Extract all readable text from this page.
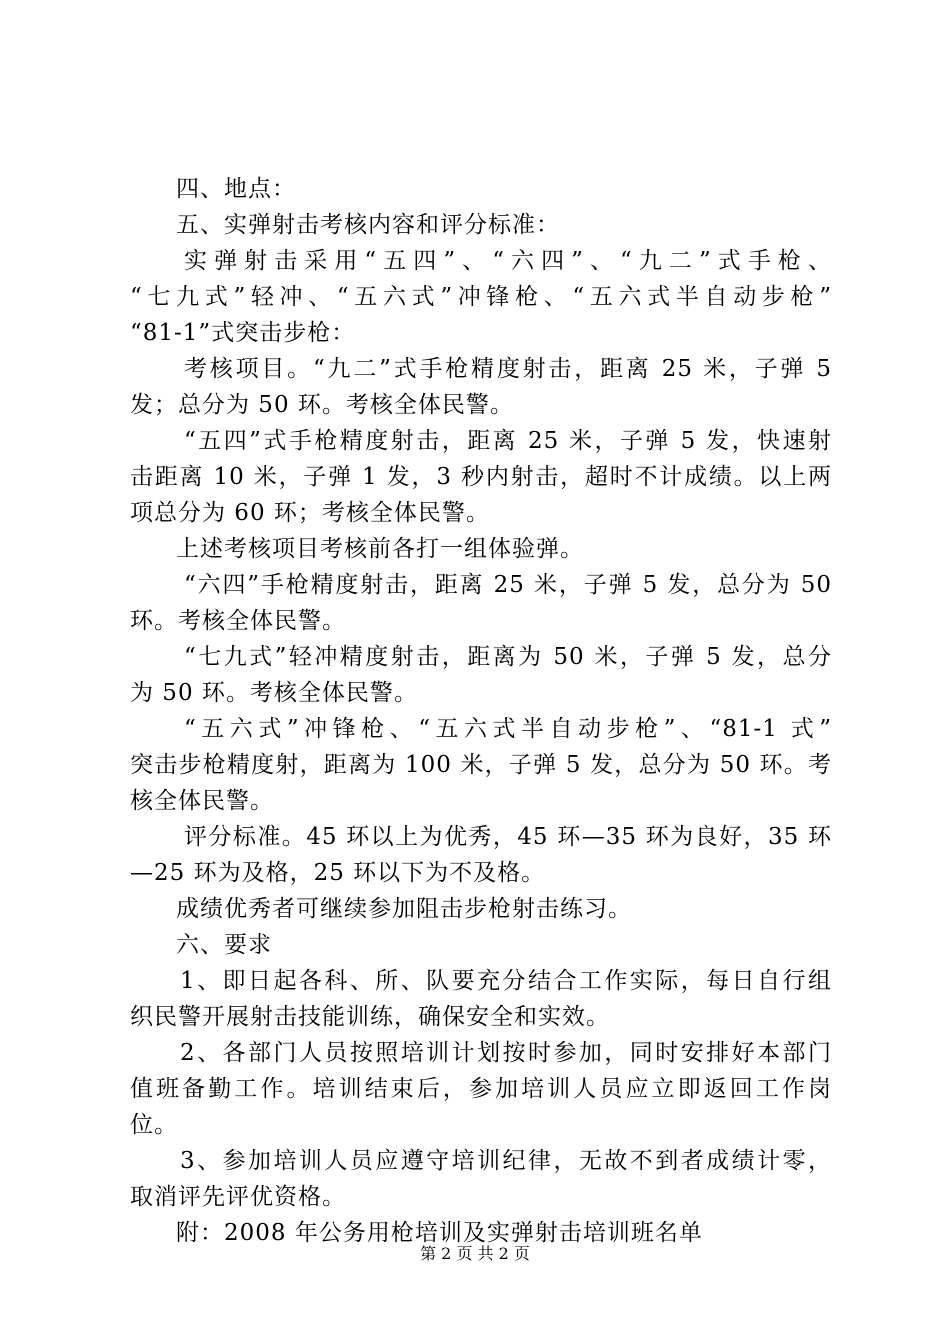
四、地点：
五、实弹射击考核内容和评分标准：
实弹射击采用“五四”、“六四”、“九二”式手枪、
“七九式”轻冲、“五六式”冲锋枪、“五六式半自动步枪”
“81-1”式突击步枪：
考核项目。“九二”式手枪精度射击，距离 25 米，子弹 5
发；总分为 50 环。考核全体民警。
“五四”式手枪精度射击，距离 25 米，子弹 5 发，快速射
击距离 10 米，子弹 1 发，3 秒内射击，超时不计成绩。以上两
项总分为 60 环；考核全体民警。
上述考核项目考核前各打一组体验弹。
“六四”手枪精度射击，距离 25 米，子弹 5 发，总分为 50
环。考核全体民警。
“七九式”轻冲精度射击，距离为 50 米，子弹 5 发，总分
为 50 环。考核全体民警。
“五六式”冲锋枪、“五六式半自动步枪”、“81-1 式”
突击步枪精度射，距离为 100 米，子弹 5 发，总分为 50 环。考
核全体民警。
评分标准。45 环以上为优秀，45 环—35 环为良好，35 环
—25 环为及格，25 环以下为不及格。
成绩优秀者可继续参加阻击步枪射击练习。
六、要求
1、即日起各科、所、队要充分结合工作实际，每日自行组
织民警开展射击技能训练，确保安全和实效。
2、各部门人员按照培训计划按时参加，同时安排好本部门
值班备勤工作。培训结束后，参加培训人员应立即返回工作岗
位。
3、参加培训人员应遵守培训纪律，无故不到者成绩计零，
取消评先评优资格。
附：2008 年公务用枪培训及实弹射击培训班名单
第 2 页 共 2 页
